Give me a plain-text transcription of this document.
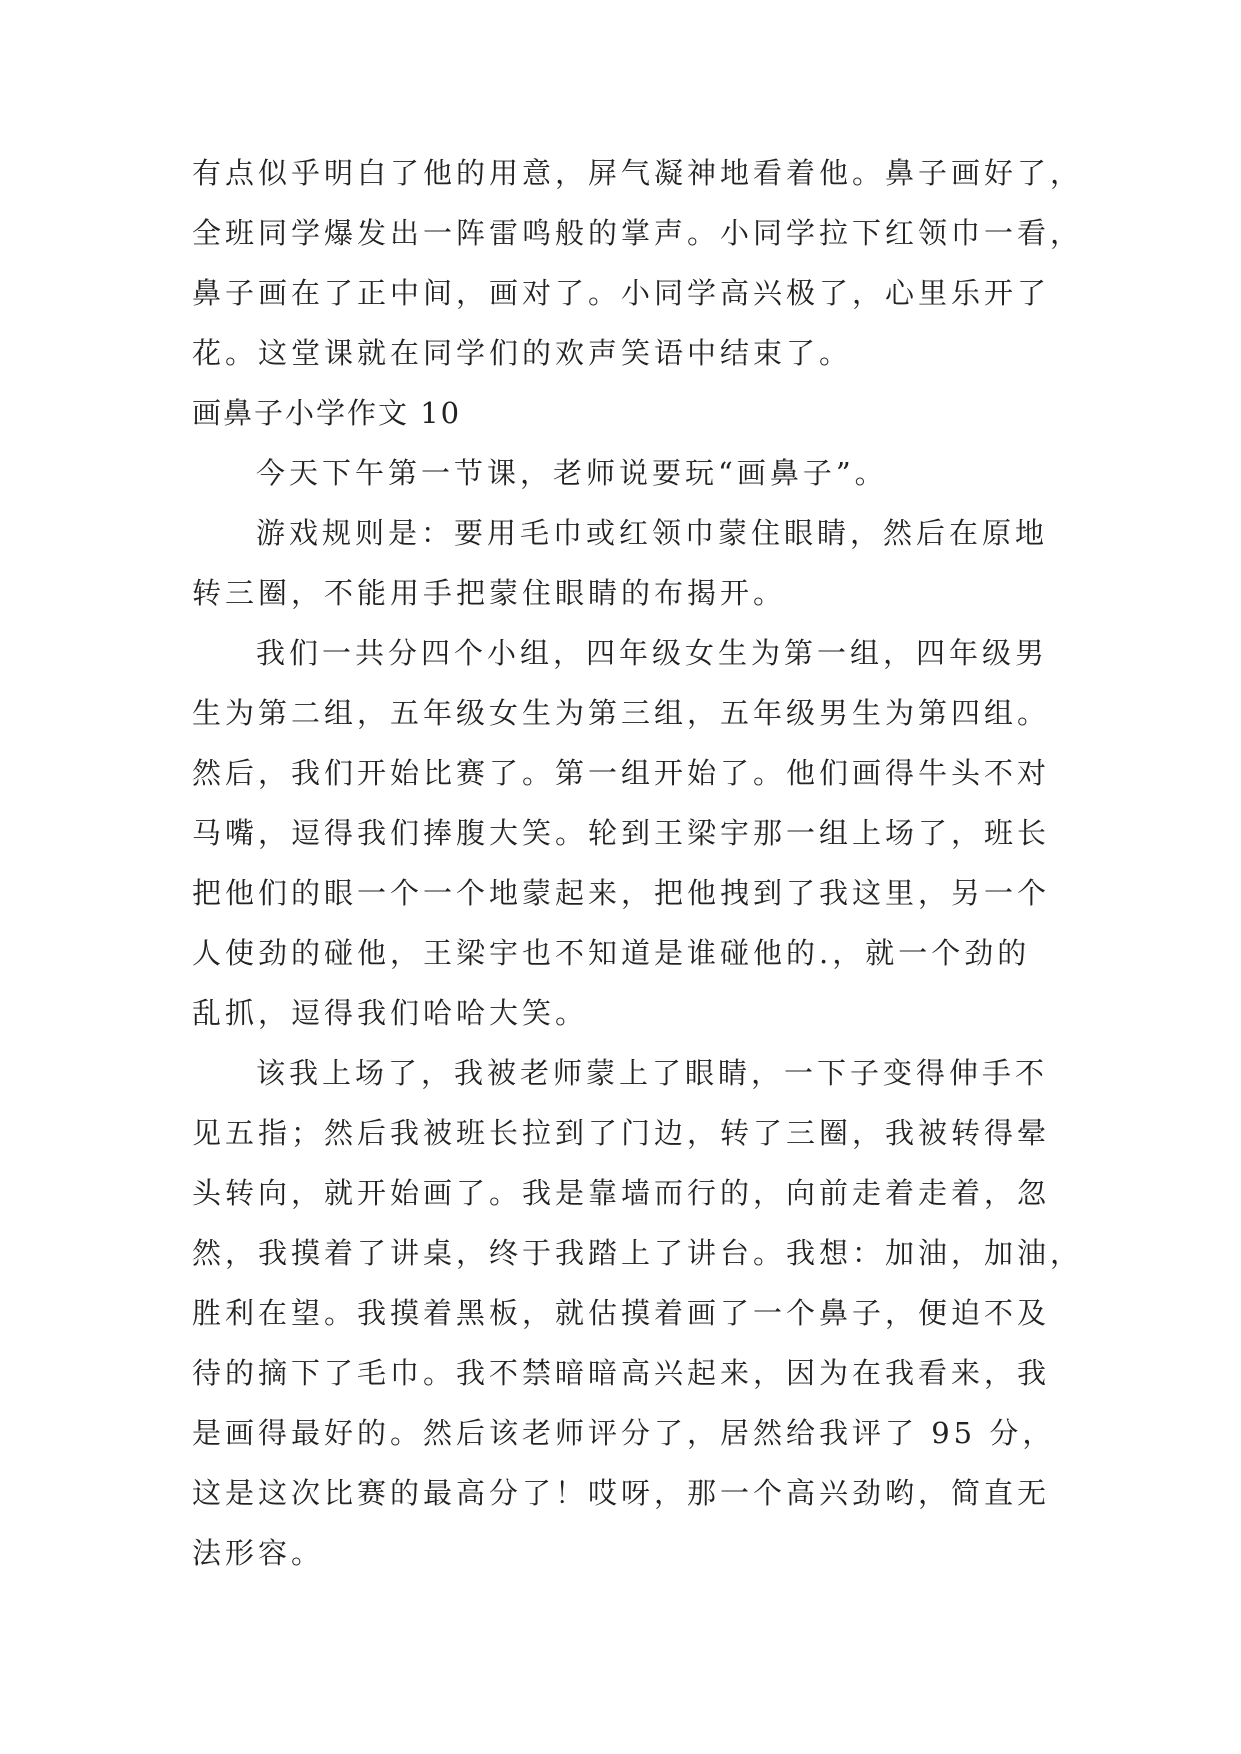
有点似乎明白了他的用意，屏气凝神地看着他。鼻子画好了，
全班同学爆发出一阵雷鸣般的掌声。小同学拉下红领巾一看，
鼻子画在了正中间，画对了。小同学高兴极了，心里乐开了
花。这堂课就在同学们的欢声笑语中结束了。
画鼻子小学作文 10
今天下午第一节课，老师说要玩“画鼻子”。
游戏规则是：要用毛巾或红领巾蒙住眼睛，然后在原地
转三圈，不能用手把蒙住眼睛的布揭开。
我们一共分四个小组，四年级女生为第一组，四年级男
生为第二组，五年级女生为第三组，五年级男生为第四组。
然后，我们开始比赛了。第一组开始了。他们画得牛头不对
马嘴，逗得我们捧腹大笑。轮到王梁宇那一组上场了，班长
把他们的眼一个一个地蒙起来，把他拽到了我这里，另一个
人使劲的碰他，王梁宇也不知道是谁碰他的.，就一个劲的
乱抓，逗得我们哈哈大笑。
该我上场了，我被老师蒙上了眼睛，一下子变得伸手不
见五指；然后我被班长拉到了门边，转了三圈，我被转得晕
头转向，就开始画了。我是靠墙而行的，向前走着走着，忽
然，我摸着了讲桌，终于我踏上了讲台。我想：加油，加油，
胜利在望。我摸着黑板，就估摸着画了一个鼻子，便迫不及
待的摘下了毛巾。我不禁暗暗高兴起来，因为在我看来，我
是画得最好的。然后该老师评分了，居然给我评了 95 分，
这是这次比赛的最高分了！哎呀，那一个高兴劲哟，简直无
法形容。
